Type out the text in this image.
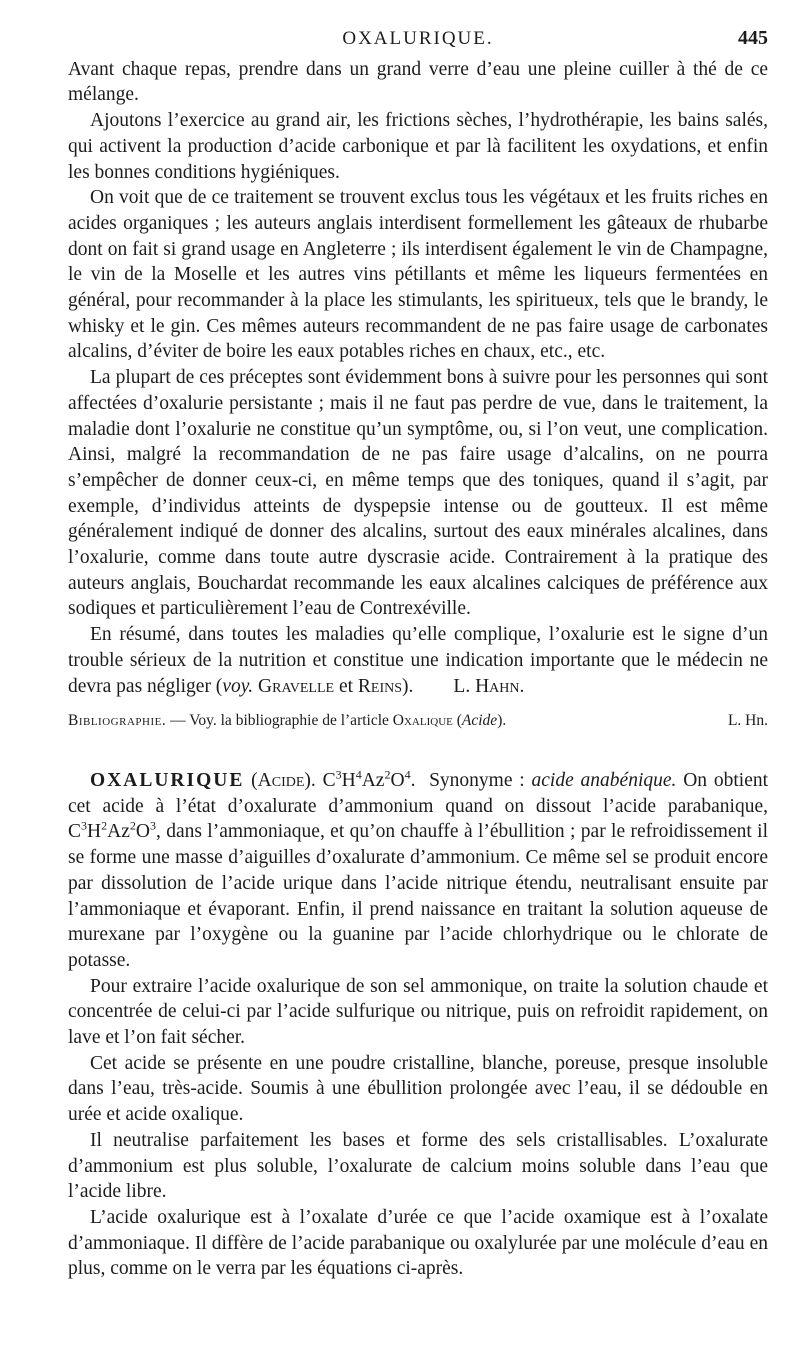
OXALURIQUE.	445

Avant chaque repas, prendre dans un grand verre d’eau une pleine cuiller à thé de ce mélange.

Ajoutons l’exercice au grand air, les frictions sèches, l’hydrothérapie, les bains salés, qui activent la production d’acide carbonique et par là facilitent les oxydations, et enfin les bonnes conditions hygiéniques.

On voit que de ce traitement se trouvent exclus tous les végétaux et les fruits riches en acides organiques ; les auteurs anglais interdisent formellement les gâteaux de rhubarbe dont on fait si grand usage en Angleterre ; ils interdisent également le vin de Champagne, le vin de la Moselle et les autres vins pétillants et même les liqueurs fermentées en général, pour recommander à la place les stimulants, les spiritueux, tels que le brandy, le whisky et le gin. Ces mêmes auteurs recommandent de ne pas faire usage de carbonates alcalins, d’éviter de boire les eaux potables riches en chaux, etc., etc.

La plupart de ces préceptes sont évidemment bons à suivre pour les personnes qui sont affectées d’oxalurie persistante ; mais il ne faut pas perdre de vue, dans le traitement, la maladie dont l’oxalurie ne constitue qu’un symptôme, ou, si l’on veut, une complication. Ainsi, malgré la recommandation de ne pas faire usage d’alcalins, on ne pourra s’empêcher de donner ceux-ci, en même temps que des toniques, quand il s’agit, par exemple, d’individus atteints de dyspepsie intense ou de goutteux. Il est même généralement indiqué de donner des alcalins, surtout des eaux minérales alcalines, dans l’oxalurie, comme dans toute autre dyscrasie acide. Contrairement à la pratique des auteurs anglais, Bouchardat recommande les eaux alcalines calciques de préférence aux sodiques et particulièrement l’eau de Contrexéville.

En résumé, dans toutes les maladies qu’elle complique, l’oxalurie est le signe d’un trouble sérieux de la nutrition et constitue une indication importante que le médecin ne devra pas négliger (voy. Gravelle et Reins). L. Hahn.

Bibliographie. — Voy. la bibliographie de l’article Oxalique (Acide).	L. Hn.

OXALURIQUE (Acide). $C^3H^4Az^2O^4$.  Synonyme : acide anabénique. On obtient cet acide à l’état d’oxalurate d’ammonium quand on dissout l’acide parabanique, $C^3H^2Az^2O^3$, dans l’ammoniaque, et qu’on chauffe à l’ébullition ; par le refroidissement il se forme une masse d’aiguilles d’oxalurate d’ammonium. Ce même sel se produit encore par dissolution de l’acide urique dans l’acide nitrique étendu, neutralisant ensuite par l’ammoniaque et évaporant. Enfin, il prend naissance en traitant la solution aqueuse de murexane par l’oxygène ou la guanine par l’acide chlorhydrique ou le chlorate de potasse.

Pour extraire l’acide oxalurique de son sel ammonique, on traite la solution chaude et concentrée de celui-ci par l’acide sulfurique ou nitrique, puis on refroidit rapidement, on lave et l’on fait sécher.

Cet acide se présente en une poudre cristalline, blanche, poreuse, presque insoluble dans l’eau, très-acide. Soumis à une ébullition prolongée avec l’eau, il se dédouble en urée et acide oxalique.

Il neutralise parfaitement les bases et forme des sels cristallisables. L’oxalurate d’ammonium est plus soluble, l’oxalurate de calcium moins soluble dans l’eau que l’acide libre.

L’acide oxalurique est à l’oxalate d’urée ce que l’acide oxamique est à l’oxalate d’ammoniaque. Il diffère de l’acide parabanique ou oxalylurée par une molécule d’eau en plus, comme on le verra par les équations ci-après.
